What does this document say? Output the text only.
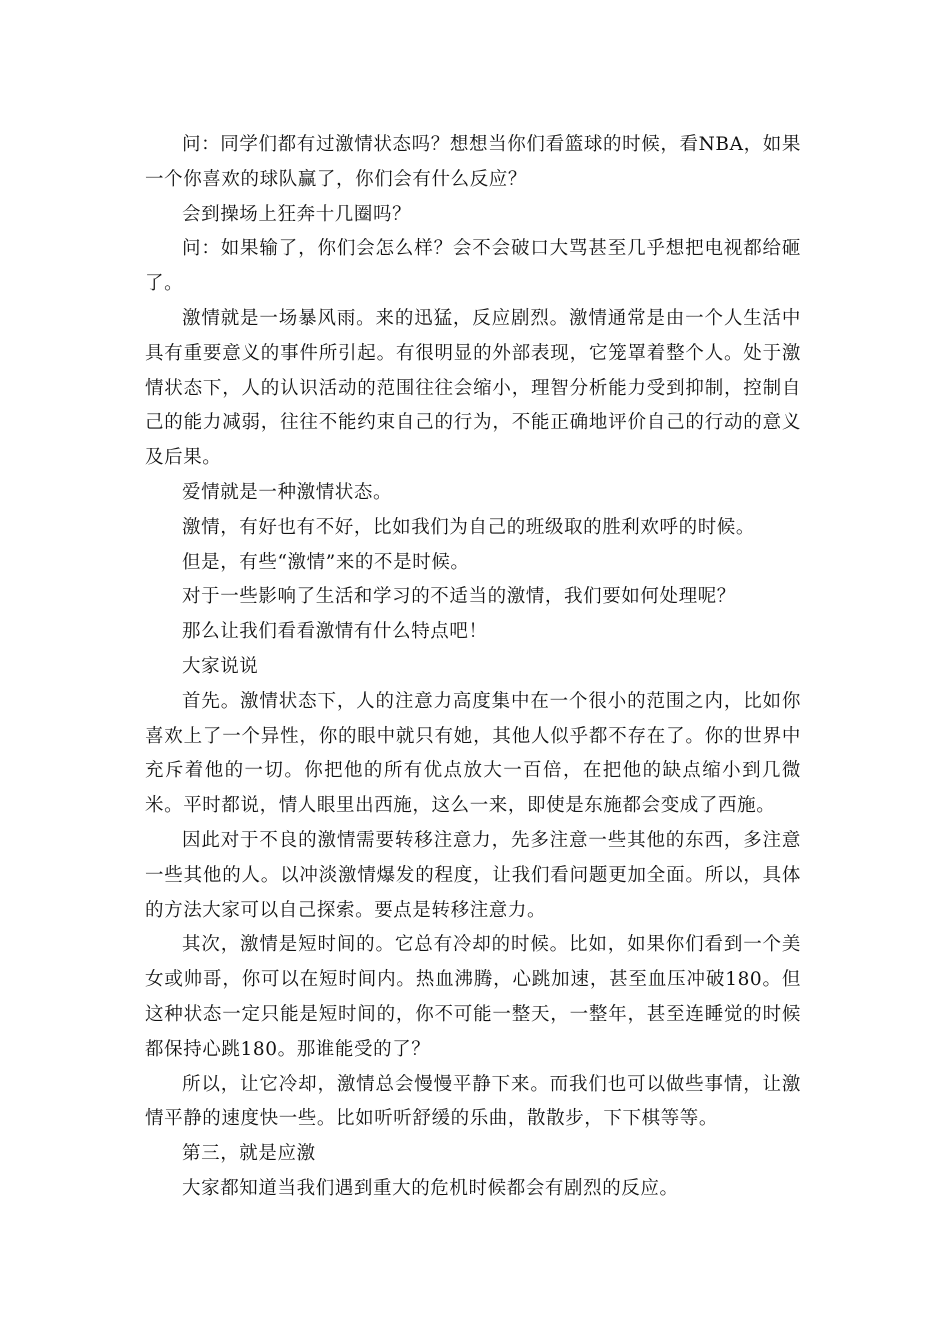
问：同学们都有过激情状态吗？想想当你们看篮球的时候，看NBA，如果一个你喜欢的球队赢了，你们会有什么反应？

会到操场上狂奔十几圈吗？

问：如果输了，你们会怎么样？会不会破口大骂甚至几乎想把电视都给砸了。

激情就是一场暴风雨。来的迅猛，反应剧烈。激情通常是由一个人生活中具有重要意义的事件所引起。有很明显的外部表现，它笼罩着整个人。处于激情状态下，人的认识活动的范围往往会缩小，理智分析能力受到抑制，控制自己的能力减弱，往往不能约束自己的行为，不能正确地评价自己的行动的意义及后果。

爱情就是一种激情状态。

激情，有好也有不好，比如我们为自己的班级取的胜利欢呼的时候。

但是，有些“激情”来的不是时候。

对于一些影响了生活和学习的不适当的激情，我们要如何处理呢？

那么让我们看看激情有什么特点吧！

大家说说

首先。激情状态下，人的注意力高度集中在一个很小的范围之内，比如你喜欢上了一个异性，你的眼中就只有她，其他人似乎都不存在了。你的世界中充斥着他的一切。你把他的所有优点放大一百倍，在把他的缺点缩小到几微米。平时都说，情人眼里出西施，这么一来，即使是东施都会变成了西施。

因此对于不良的激情需要转移注意力，先多注意一些其他的东西，多注意一些其他的人。以冲淡激情爆发的程度，让我们看问题更加全面。所以，具体的方法大家可以自己探索。要点是转移注意力。

其次，激情是短时间的。它总有冷却的时候。比如，如果你们看到一个美女或帅哥，你可以在短时间内。热血沸腾，心跳加速，甚至血压冲破180。但这种状态一定只能是短时间的，你不可能一整天，一整年，甚至连睡觉的时候都保持心跳180。那谁能受的了？

所以，让它冷却，激情总会慢慢平静下来。而我们也可以做些事情，让激情平静的速度快一些。比如听听舒缓的乐曲，散散步，下下棋等等。

第三，就是应激

大家都知道当我们遇到重大的危机时候都会有剧烈的反应。
